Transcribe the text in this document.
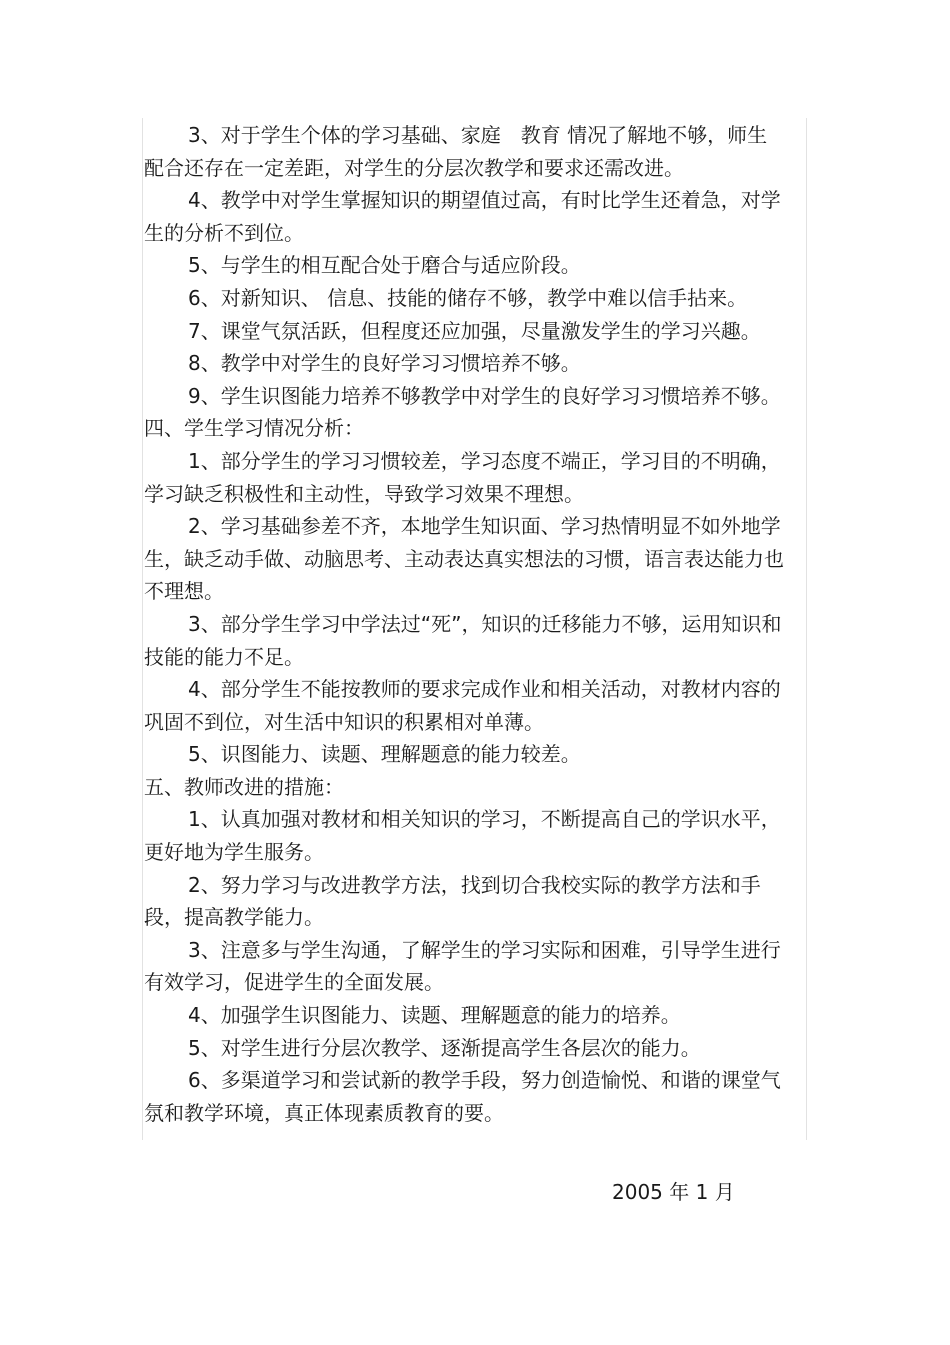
3、对于学生个体的学习基础、家庭　教育 情况了解地不够，师生配合还存在一定差距，对学生的分层次教学和要求还需改进。

4、教学中对学生掌握知识的期望值过高，有时比学生还着急，对学生的分析不到位。

5、与学生的相互配合处于磨合与适应阶段。

6、对新知识、 信息、技能的储存不够，教学中难以信手拈来。

7、课堂气氛活跃，但程度还应加强，尽量激发学生的学习兴趣。

8、教学中对学生的良好学习习惯培养不够。

9、学生识图能力培养不够教学中对学生的良好学习习惯培养不够。

四、学生学习情况分析：

1、部分学生的学习习惯较差，学习态度不端正，学习目的不明确，学习缺乏积极性和主动性，导致学习效果不理想。

2、学习基础参差不齐，本地学生知识面、学习热情明显不如外地学生，缺乏动手做、动脑思考、主动表达真实想法的习惯，语言表达能力也不理想。

3、部分学生学习中学法过“死”，知识的迁移能力不够，运用知识和技能的能力不足。

4、部分学生不能按教师的要求完成作业和相关活动，对教材内容的巩固不到位，对生活中知识的积累相对单薄。

5、识图能力、读题、理解题意的能力较差。

五、教师改进的措施：

1、认真加强对教材和相关知识的学习，不断提高自己的学识水平，更好地为学生服务。

2、努力学习与改进教学方法，找到切合我校实际的教学方法和手段，提高教学能力。

3、注意多与学生沟通，了解学生的学习实际和困难，引导学生进行有效学习，促进学生的全面发展。

4、加强学生识图能力、读题、理解题意的能力的培养。

5、对学生进行分层次教学、逐渐提高学生各层次的能力。

6、多渠道学习和尝试新的教学手段，努力创造愉悦、和谐的课堂气氛和教学环境，真正体现素质教育的要。

2005 年 1 月
